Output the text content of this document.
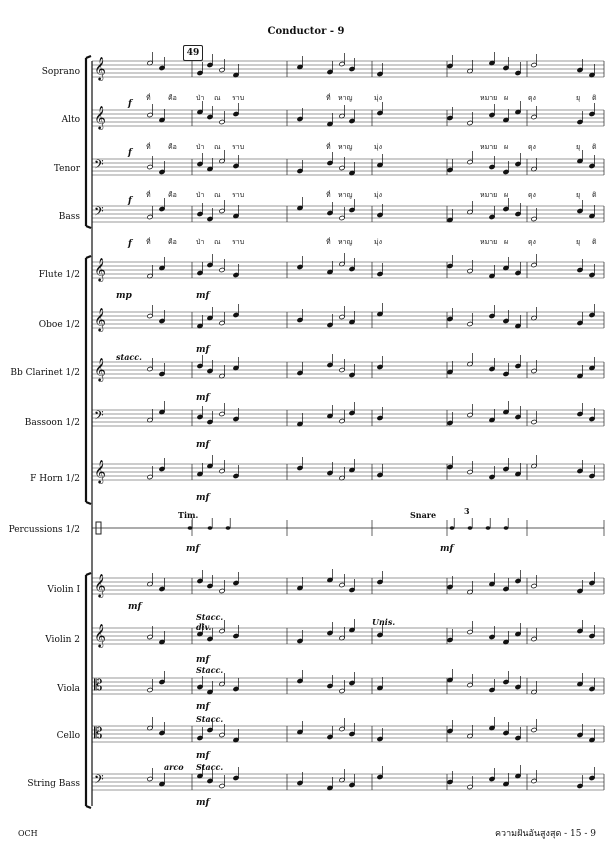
Conductor - 9
49
Soprano
Alto
Tenor
Bass
Flute 1/2
Oboe 1/2
Bb Clarinet 1/2
Bassoon 1/2
F Horn 1/2
Percussions 1/2
Violin I
Violin 2
Viola
Cello
String Bass
𝄞
𝄞
𝄢
𝄢
𝄞
𝄞
𝄞
𝄢
𝄞
𝄞
𝄞
𝄡
𝄡
𝄢
f
f
f
f
mp	mf
mf
stacc.
mf
mf
mf
Tim.	Snare	3
mf	mf
mf
Stacc.
div.	Unis.
mf
Stacc.
mf
Stacc.
mf
arco Stacc.
mf
ที่ คือ	ป่า ณ ราบ	ที่ หาญ	มุ่ง	หมาย ผ	ดุง	ยุ ติ
ที่ คือ	ป่า ณ ราบ	ที่ หาญ	มุ่ง	หมาย ผ	ดุง	ยุ ติ
ที่ คือ	ป่า ณ ราบ	ที่ หาญ	มุ่ง	หมาย ผ	ดุง	ยุ ติ
ที่ คือ	ป่า ณ ราบ	ที่ หาญ	มุ่ง	หมาย ผ	ดุง	ยุ ติ
OCH	ความฝันอันสูงสุด - 15 - 9
